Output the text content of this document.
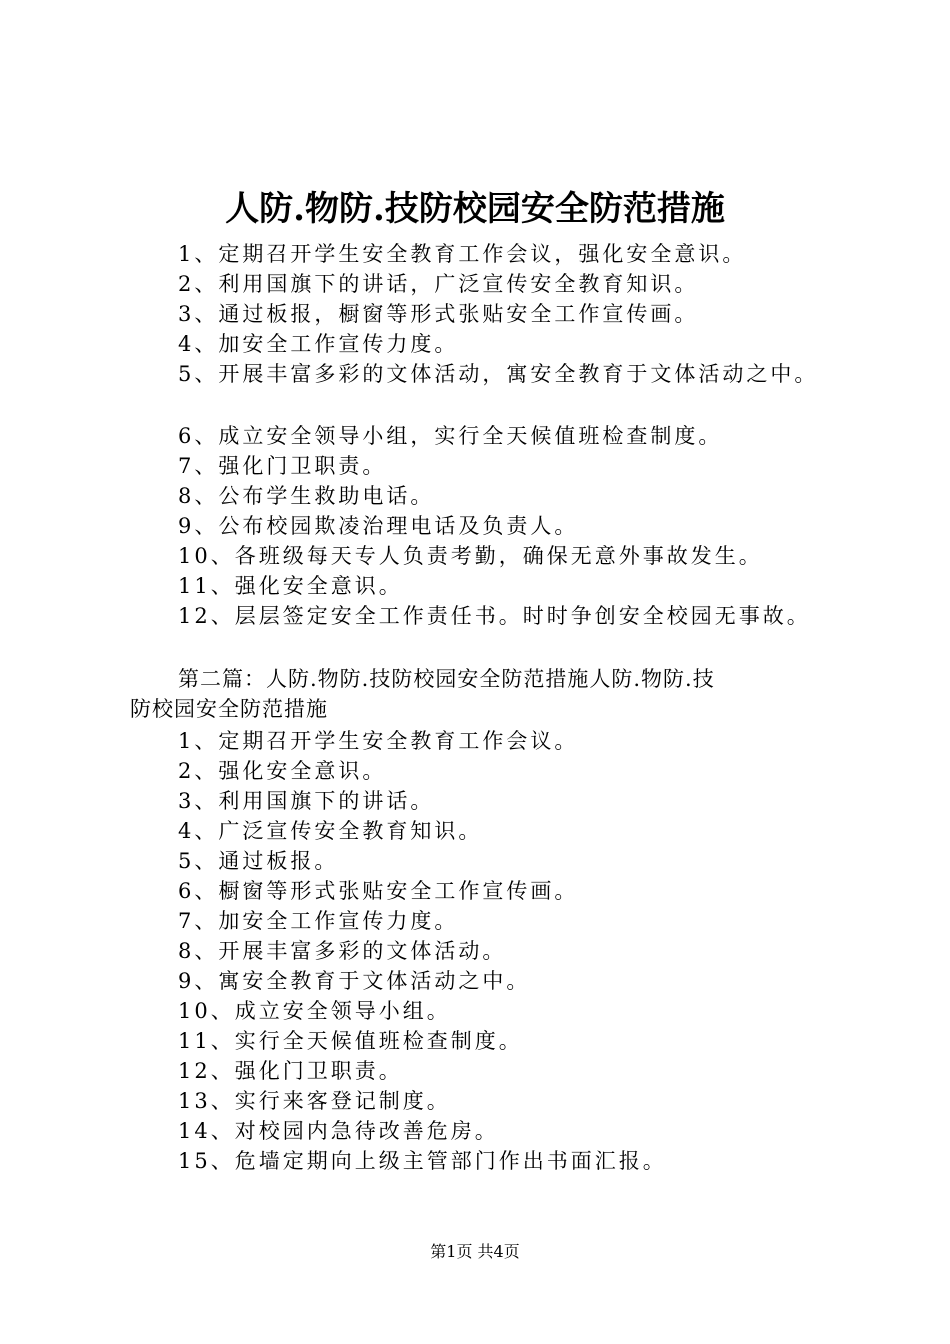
人防.物防.技防校园安全防范措施
1、定期召开学生安全教育工作会议，强化安全意识。
2、利用国旗下的讲话，广泛宣传安全教育知识。
3、通过板报，橱窗等形式张贴安全工作宣传画。
4、加安全工作宣传力度。
5、开展丰富多彩的文体活动，寓安全教育于文体活动之中。
6、成立安全领导小组，实行全天候值班检查制度。
7、强化门卫职责。
8、公布学生救助电话。
9、公布校园欺凌治理电话及负责人。
10、各班级每天专人负责考勤，确保无意外事故发生。
11、强化安全意识。
12、层层签定安全工作责任书。时时争创安全校园无事故。
第二篇：人防.物防.技防校园安全防范措施人防.物防.技
防校园安全防范措施
1、定期召开学生安全教育工作会议。
2、强化安全意识。
3、利用国旗下的讲话。
4、广泛宣传安全教育知识。
5、通过板报。
6、橱窗等形式张贴安全工作宣传画。
7、加安全工作宣传力度。
8、开展丰富多彩的文体活动。
9、寓安全教育于文体活动之中。
10、成立安全领导小组。
11、实行全天候值班检查制度。
12、强化门卫职责。
13、实行来客登记制度。
14、对校园内急待改善危房。
15、危墙定期向上级主管部门作出书面汇报。
第1页 共4页
